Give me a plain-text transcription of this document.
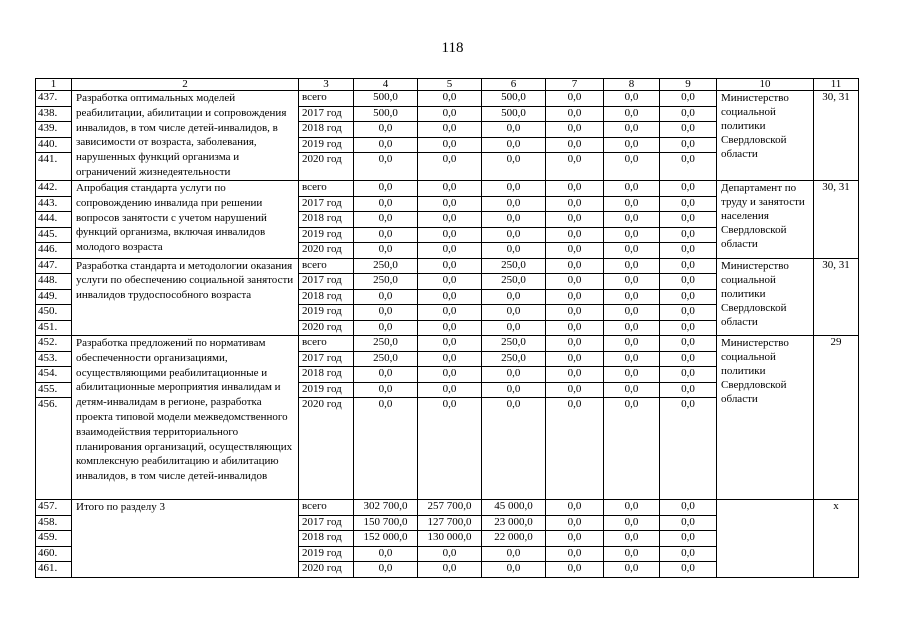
118
1	2	3	4	5	6	7	8	9	10	11
437.	Разработка оптимальных моделей реабилитации, абилитации и сопровождения инвалидов, в том числе детей-инвалидов, в зависимости от возраста, заболевания, нарушенных функций организма и ограничений жизнедеятельности	всего	500,0	0,0	500,0	0,0	0,0	0,0	Министерство социальной политики Свердловской области	30, 31
438.		2017 год	500,0	0,0	500,0	0,0	0,0	0,0		
439.		2018 год	0,0	0,0	0,0	0,0	0,0	0,0		
440.		2019 год	0,0	0,0	0,0	0,0	0,0	0,0		
441.		2020 год	0,0	0,0	0,0	0,0	0,0	0,0		
442.	Апробация стандарта услуги по сопровождению инвалида при решении вопросов занятости с учетом нарушений функций организма, включая инвалидов молодого возраста	всего	0,0	0,0	0,0	0,0	0,0	0,0	Департамент по труду и занятости населения Свердловской области	30, 31
443.		2017 год	0,0	0,0	0,0	0,0	0,0	0,0		
444.		2018 год	0,0	0,0	0,0	0,0	0,0	0,0		
445.		2019 год	0,0	0,0	0,0	0,0	0,0	0,0		
446.		2020 год	0,0	0,0	0,0	0,0	0,0	0,0		
447.	Разработка стандарта и методологии оказания услуги по обеспечению социальной занятости инвалидов трудоспособного возраста	всего	250,0	0,0	250,0	0,0	0,0	0,0	Министерство социальной политики Свердловской области	30, 31
448.		2017 год	250,0	0,0	250,0	0,0	0,0	0,0		
449.		2018 год	0,0	0,0	0,0	0,0	0,0	0,0		
450.		2019 год	0,0	0,0	0,0	0,0	0,0	0,0		
451.		2020 год	0,0	0,0	0,0	0,0	0,0	0,0		
452.	Разработка предложений по нормативам обеспеченности организациями, осуществляющими реабилитационные и абилитационные мероприятия инвалидам и детям-инвалидам в регионе, разработка проекта типовой модели межведомственного взаимодействия территориального планирования организаций, осуществляющих комплексную реабилитацию и абилитацию инвалидов, в том числе детей-инвалидов	всего	250,0	0,0	250,0	0,0	0,0	0,0	Министерство социальной политики Свердловской области	29
453.		2017 год	250,0	0,0	250,0	0,0	0,0	0,0		
454.		2018 год	0,0	0,0	0,0	0,0	0,0	0,0		
455.		2019 год	0,0	0,0	0,0	0,0	0,0	0,0		
456.		2020 год	0,0	0,0	0,0	0,0	0,0	0,0		
457.	Итого по разделу 3	всего	302 700,0	257 700,0	45 000,0	0,0	0,0	0,0		x
458.		2017 год	150 700,0	127 700,0	23 000,0	0,0	0,0	0,0		
459.		2018 год	152 000,0	130 000,0	22 000,0	0,0	0,0	0,0		
460.		2019 год	0,0	0,0	0,0	0,0	0,0	0,0		
461.		2020 год	0,0	0,0	0,0	0,0	0,0	0,0		
